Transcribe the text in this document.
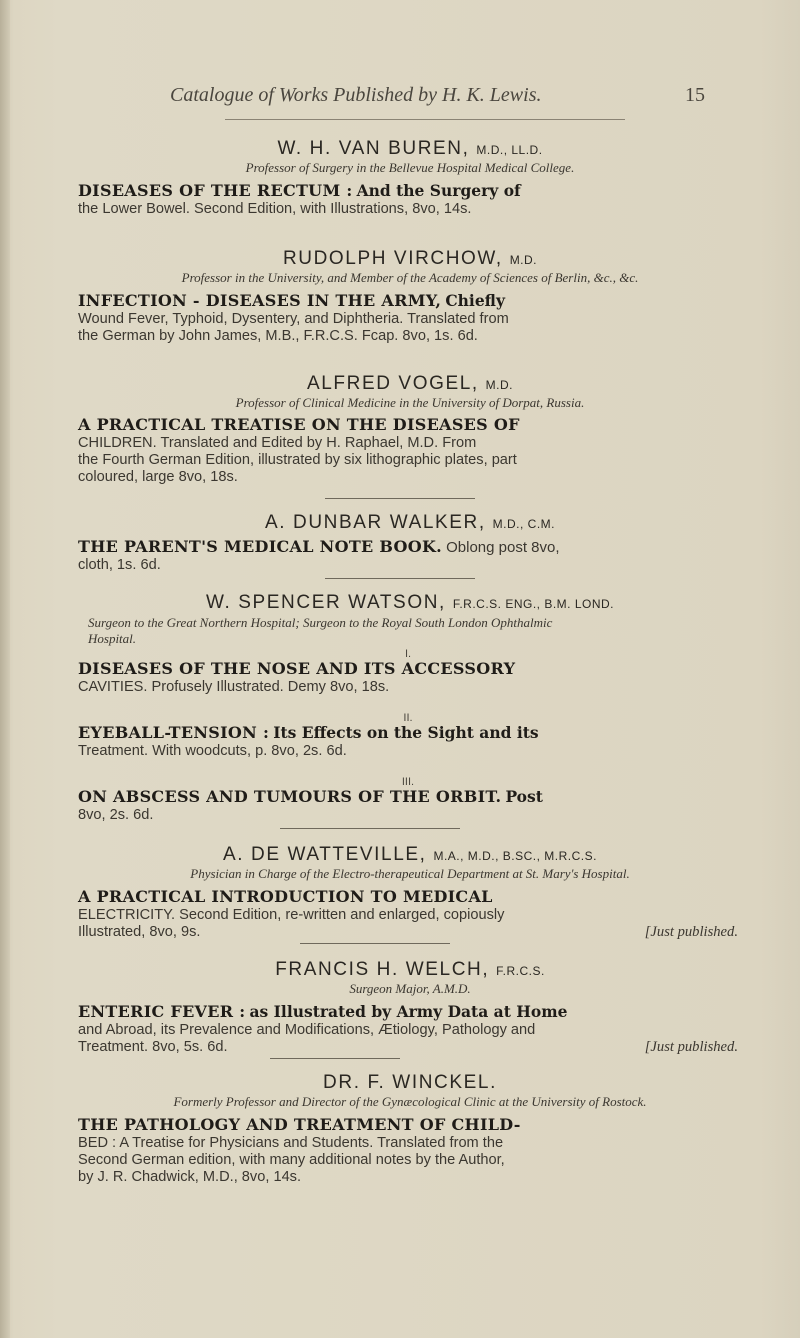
Catalogue of Works Published by H. K. Lewis.	15
W. H. VAN BUREN, M.D., LL.D.
Professor of Surgery in the Bellevue Hospital Medical College.
DISEASES OF THE RECTUM : And the Surgery of
the Lower Bowel. Second Edition, with Illustrations, 8vo, 14s.
RUDOLPH VIRCHOW, M.D.
Professor in the University, and Member of the Academy of Sciences of Berlin, &c., &c.
INFECTION - DISEASES IN THE ARMY, Chiefly
Wound Fever, Typhoid, Dysentery, and Diphtheria. Translated from
the German by John James, M.B., F.R.C.S. Fcap. 8vo, 1s. 6d.
ALFRED VOGEL, M.D.
Professor of Clinical Medicine in the University of Dorpat, Russia.
A PRACTICAL TREATISE ON THE DISEASES OF
CHILDREN. Translated and Edited by H. Raphael, M.D. From
the Fourth German Edition, illustrated by six lithographic plates, part
coloured, large 8vo, 18s.
A. DUNBAR WALKER, M.D., C.M.
THE PARENT'S MEDICAL NOTE BOOK. Oblong post 8vo,
cloth, 1s. 6d.
W. SPENCER WATSON, F.R.C.S. ENG., B.M. LOND.
Surgeon to the Great Northern Hospital; Surgeon to the Royal South London Ophthalmic
Hospital.
I.
DISEASES OF THE NOSE AND ITS ACCESSORY
CAVITIES. Profusely Illustrated. Demy 8vo, 18s.
II.
EYEBALL-TENSION : Its Effects on the Sight and its
Treatment. With woodcuts, p. 8vo, 2s. 6d.
III.
ON ABSCESS AND TUMOURS OF THE ORBIT. Post
8vo, 2s. 6d.
A. DE WATTEVILLE, M.A., M.D., B.SC., M.R.C.S.
Physician in Charge of the Electro-therapeutical Department at St. Mary's Hospital.
A PRACTICAL INTRODUCTION TO MEDICAL
ELECTRICITY. Second Edition, re-written and enlarged, copiously
Illustrated, 8vo, 9s.	[Just published.
FRANCIS H. WELCH, F.R.C.S.
Surgeon Major, A.M.D.
ENTERIC FEVER : as Illustrated by Army Data at Home
and Abroad, its Prevalence and Modifications, Ætiology, Pathology and
Treatment. 8vo, 5s. 6d.	[Just published.
DR. F. WINCKEL.
Formerly Professor and Director of the Gynæcological Clinic at the University of Rostock.
THE PATHOLOGY AND TREATMENT OF CHILD-
BED : A Treatise for Physicians and Students. Translated from the
Second German edition, with many additional notes by the Author,
by J. R. Chadwick, M.D., 8vo, 14s.
